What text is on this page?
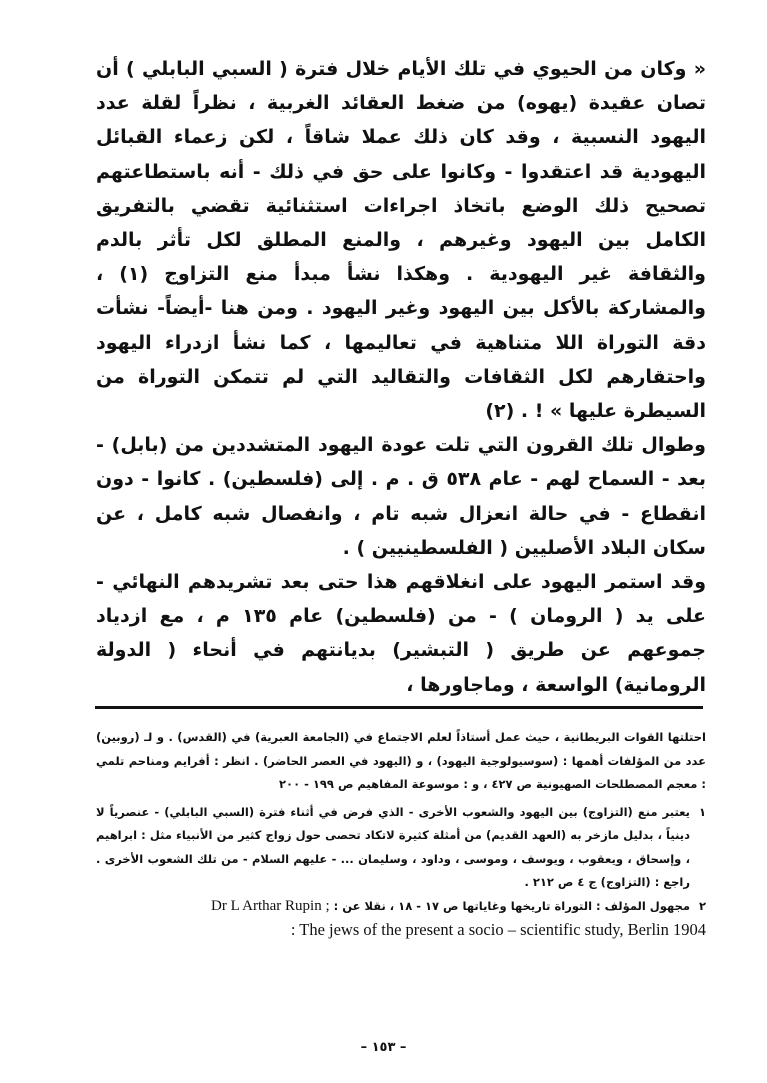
« وكان من الحيوي في تلك الأيام خلال فترة ( السبي البابلي ) أن تصان عقيدة (يهوه) من ضغط العقائد الغربية ، نظراً لقلة عدد اليهود النسبية ، وقد كان ذلك عملا شاقاً ، لكن زعماء القبائل اليهودية قد اعتقدوا - وكانوا على حق في ذلك - أنه باستطاعتهم تصحيح ذلك الوضع باتخاذ اجراءات استثنائية تقضي بالتفريق الكامل بين اليهود وغيرهم ، والمنع المطلق لكل تأثر بالدم والثقافة غير اليهودية . وهكذا نشأ مبدأ منع التزاوج (١) ، والمشاركة بالأكل بين اليهود وغير اليهود . ومن هنا -أيضاً- نشأت دقة التوراة اللا متناهية في تعاليمها ، كما نشأ ازدراء اليهود واحتقارهم لكل الثقافات والتقاليد التي لم تتمكن التوراة من السيطرة عليها » ! . (٢)

وطوال تلك القرون التي تلت عودة اليهود المتشددين من (بابل) - بعد - السماح لهم - عام ٥٣٨ ق . م . إلى (فلسطين) . كانوا - دون انقطاع - في حالة انعزال شبه تام ، وانفصال شبه كامل ، عن سكان البلاد الأصليين ( الفلسطينيين ) .

وقد استمر اليهود على انغلاقهم هذا حتى بعد تشريدهم النهائي - على يد ( الرومان ) - من (فلسطين) عام ١٣٥ م ، مع ازدياد جموعهم عن طريق ( التبشير) بديانتهم في أنحاء ( الدولة الرومانية) الواسعة ، وماجاورها ،

احتلتها القوات البريطانية ، حيث عمل أستاذاً لعلم الاجتماع في (الجامعة العبرية) في (القدس) . و لـ (روبين) عدد من المؤلفات أهمها : (سوسيولوجية اليهود) ، و (اليهود في العصر الحاضر) . انظر : أفرايم ومناحم تلمي : معجم المصطلحات الصهيونية ص ٤٢٧ ، و : موسوعة المفاهيم ص ١٩٩ - ٢٠٠

١
يعتبر منع (التزاوج) بين اليهود والشعوب الأخرى - الذي فرض في أثناء فترة (السبي البابلي) - عنصرياً لا دينياً ، بدليل مازخر به (العهد القديم) من أمثلة كثيرة لاتكاد تحصى حول زواج كثير من الأنبياء مثل : ابراهيم ، وإسحاق ، ويعقوب ، ويوسف ، وموسى ، وداود ، وسليمان ... - عليهم السلام - من تلك الشعوب الأخرى . راجع : (التزاوج) ج ٤ ص ٢١٢ .
٢
مجهول المؤلف : التوراة تاريخها وغاياتها ص ١٧ - ١٨ ، نقلا عن : Dr L Arthar Rupin ;
: The jews of the present a socio – scientific study, Berlin 1904
– ١٥٣ –
